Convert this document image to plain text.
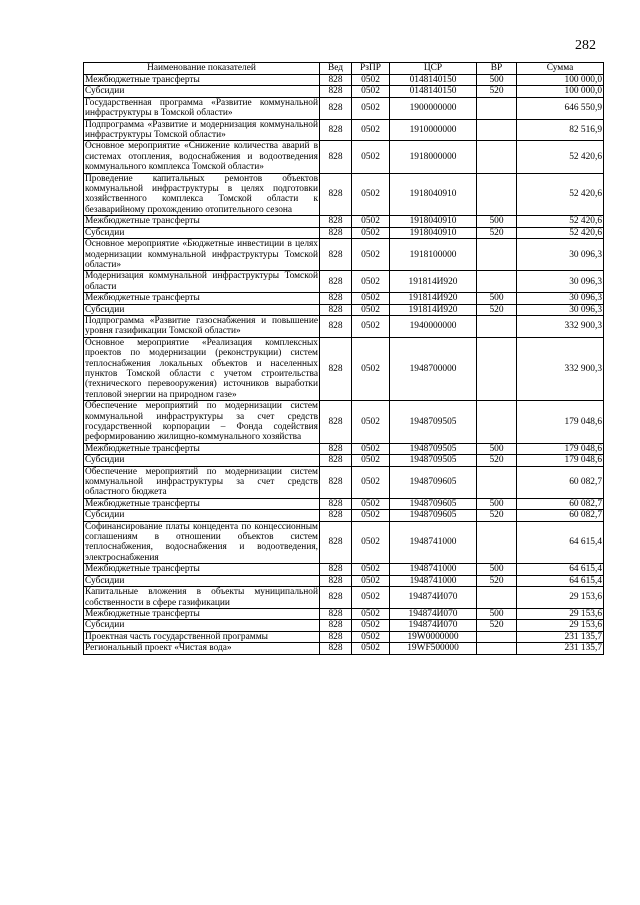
282
Наименование показателей	Вед	РзПР	ЦСР	ВР	Сумма
Межбюджетные трансферты	828	0502	0148140150	500	100 000,0
Субсидии	828	0502	0148140150	520	100 000,0
Государственная программа «Развитие коммунальной инфраструктуры в Томской области»	828	0502	1900000000		646 550,9
Подпрограмма «Развитие и модернизация коммунальной инфраструктуры Томской области»	828	0502	1910000000		82 516,9
Основное мероприятие «Снижение количества аварий в системах отопления, водоснабжения и водоотведения коммунального комплекса Томской области»	828	0502	1918000000		52 420,6
Проведение капитальных ремонтов объектов коммунальной инфраструктуры в целях подготовки хозяйственного комплекса Томской области к безаварийному прохождению отопительного сезона	828	0502	1918040910		52 420,6
Межбюджетные трансферты	828	0502	1918040910	500	52 420,6
Субсидии	828	0502	1918040910	520	52 420,6
Основное мероприятие «Бюджетные инвестиции в целях модернизации коммунальной инфраструктуры Томской области»	828	0502	1918100000		30 096,3
Модернизация коммунальной инфраструктуры Томской области	828	0502	191814И920		30 096,3
Межбюджетные трансферты	828	0502	191814И920	500	30 096,3
Субсидии	828	0502	191814И920	520	30 096,3
Подпрограмма «Развитие газоснабжения и повышение уровня газификации Томской области»	828	0502	1940000000		332 900,3
Основное мероприятие «Реализация комплексных проектов по модернизации (реконструкции) систем теплоснабжения локальных объектов и населенных пунктов Томской области с учетом строительства (технического перевооружения) источников выработки тепловой энергии на природном газе»	828	0502	1948700000		332 900,3
Обеспечение мероприятий по модернизации систем коммунальной инфраструктуры за счет средств государственной корпорации – Фонда содействия реформированию жилищно-коммунального хозяйства	828	0502	1948709505		179 048,6
Межбюджетные трансферты	828	0502	1948709505	500	179 048,6
Субсидии	828	0502	1948709505	520	179 048,6
Обеспечение мероприятий по модернизации систем коммунальной инфраструктуры за счет средств областного бюджета	828	0502	1948709605		60 082,7
Межбюджетные трансферты	828	0502	1948709605	500	60 082,7
Субсидии	828	0502	1948709605	520	60 082,7
Софинансирование платы концедента по концессионным соглашениям в отношении объектов систем теплоснабжения, водоснабжения и водоотведения, электроснабжения	828	0502	1948741000		64 615,4
Межбюджетные трансферты	828	0502	1948741000	500	64 615,4
Субсидии	828	0502	1948741000	520	64 615,4
Капитальные вложения в объекты муниципальной собственности в сфере газификации	828	0502	194874И070		29 153,6
Межбюджетные трансферты	828	0502	194874И070	500	29 153,6
Субсидии	828	0502	194874И070	520	29 153,6
Проектная часть государственной программы	828	0502	19W0000000		231 135,7
Региональный проект «Чистая вода»	828	0502	19WF500000		231 135,7
